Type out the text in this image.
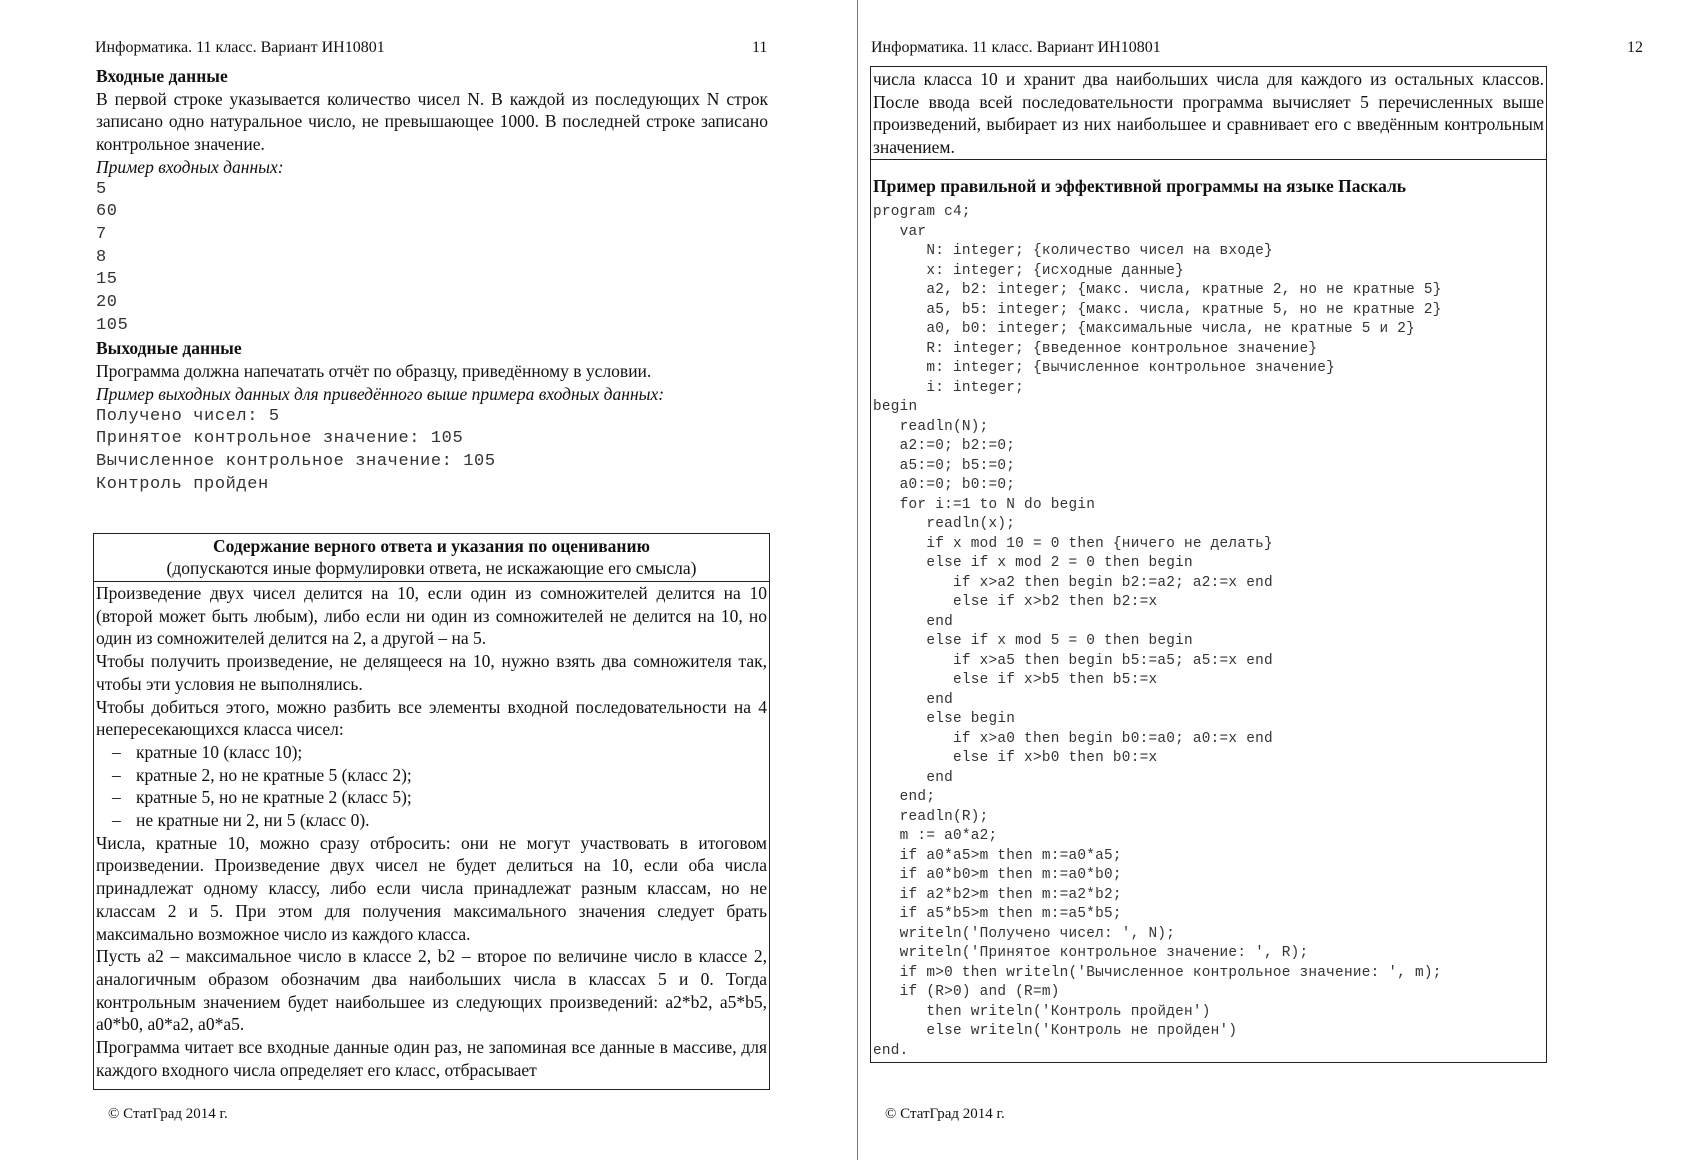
Информатика. 11 класс. Вариант ИН10801	11
Входные данные
В первой строке указывается количество чисел N. В каждой из последующих N строк записано одно натуральное число, не превышающее 1000. В последней строке записано контрольное значение.
Пример входных данных:
5
60
7
8
15
20
105
Выходные данные
Программа должна напечатать отчёт по образцу, приведённому в условии.
Пример выходных данных для приведённого выше примера входных данных:
Получено чисел: 5
Принятое контрольное значение: 105
Вычисленное контрольное значение: 105
Контроль пройден
Содержание верного ответа и указания по оцениванию
(допускаются иные формулировки ответа, не искажающие его смысла)
Произведение двух чисел делится на 10, если один из сомножителей делится на 10 (второй может быть любым), либо если ни один из сомножителей не делится на 10, но один из сомножителей делится на 2, а другой – на 5.
Чтобы получить произведение, не делящееся на 10, нужно взять два сомножителя так, чтобы эти условия не выполнялись.
Чтобы добиться этого, можно разбить все элементы входной последовательности на 4 непересекающихся класса чисел:
– кратные 10 (класс 10);
– кратные 2, но не кратные 5 (класс 2);
– кратные 5, но не кратные 2 (класс 5);
– не кратные ни 2, ни 5 (класс 0).
Числа, кратные 10, можно сразу отбросить: они не могут участвовать в итоговом произведении. Произведение двух чисел не будет делиться на 10, если оба числа принадлежат одному классу, либо если числа принадлежат разным классам, но не классам 2 и 5. При этом для получения максимального значения следует брать максимально возможное число из каждого класса.
Пусть a2 – максимальное число в классе 2, b2 – второе по величине число в классе 2, аналогичным образом обозначим два наибольших числа в классах 5 и 0. Тогда контрольным значением будет наибольшее из следующих произведений: a2*b2, a5*b5, a0*b0, a0*a2, a0*a5.
Программа читает все входные данные один раз, не запоминая все данные в массиве, для каждого входного числа определяет его класс, отбрасывает
© СтатГрад 2014 г.
Информатика. 11 класс. Вариант ИН10801	12
числа класса 10 и хранит два наибольших числа для каждого из остальных классов. После ввода всей последовательности программа вычисляет 5 перечисленных выше произведений, выбирает из них наибольшее и сравнивает его с введённым контрольным значением.
Пример правильной и эффективной программы на языке Паскаль
program c4;
var
N: integer; {количество чисел на входе}
x: integer; {исходные данные}
a2, b2: integer; {макс. числа, кратные 2, но не кратные 5}
a5, b5: integer; {макс. числа, кратные 5, но не кратные 2}
a0, b0: integer; {максимальные числа, не кратные 5 и 2}
R: integer; {введенное контрольное значение}
m: integer; {вычисленное контрольное значение}
i: integer;
begin
readln(N);
a2:=0; b2:=0;
a5:=0; b5:=0;
a0:=0; b0:=0;
for i:=1 to N do begin
readln(x);
if x mod 10 = 0 then {ничего не делать}
else if x mod 2 = 0 then begin
if x>a2 then begin b2:=a2; a2:=x end
else if x>b2 then b2:=x
end
else if x mod 5 = 0 then begin
if x>a5 then begin b5:=a5; a5:=x end
else if x>b5 then b5:=x
end
else begin
if x>a0 then begin b0:=a0; a0:=x end
else if x>b0 then b0:=x
end
end;
readln(R);
m := a0*a2;
if a0*a5>m then m:=a0*a5;
if a0*b0>m then m:=a0*b0;
if a2*b2>m then m:=a2*b2;
if a5*b5>m then m:=a5*b5;
writeln('Получено чисел: ', N);
writeln('Принятое контрольное значение: ', R);
if m>0 then writeln('Вычисленное контрольное значение: ', m);
if (R>0) and (R=m)
then writeln('Контроль пройден')
else writeln('Контроль не пройден')
end.
© СтатГрад 2014 г.
